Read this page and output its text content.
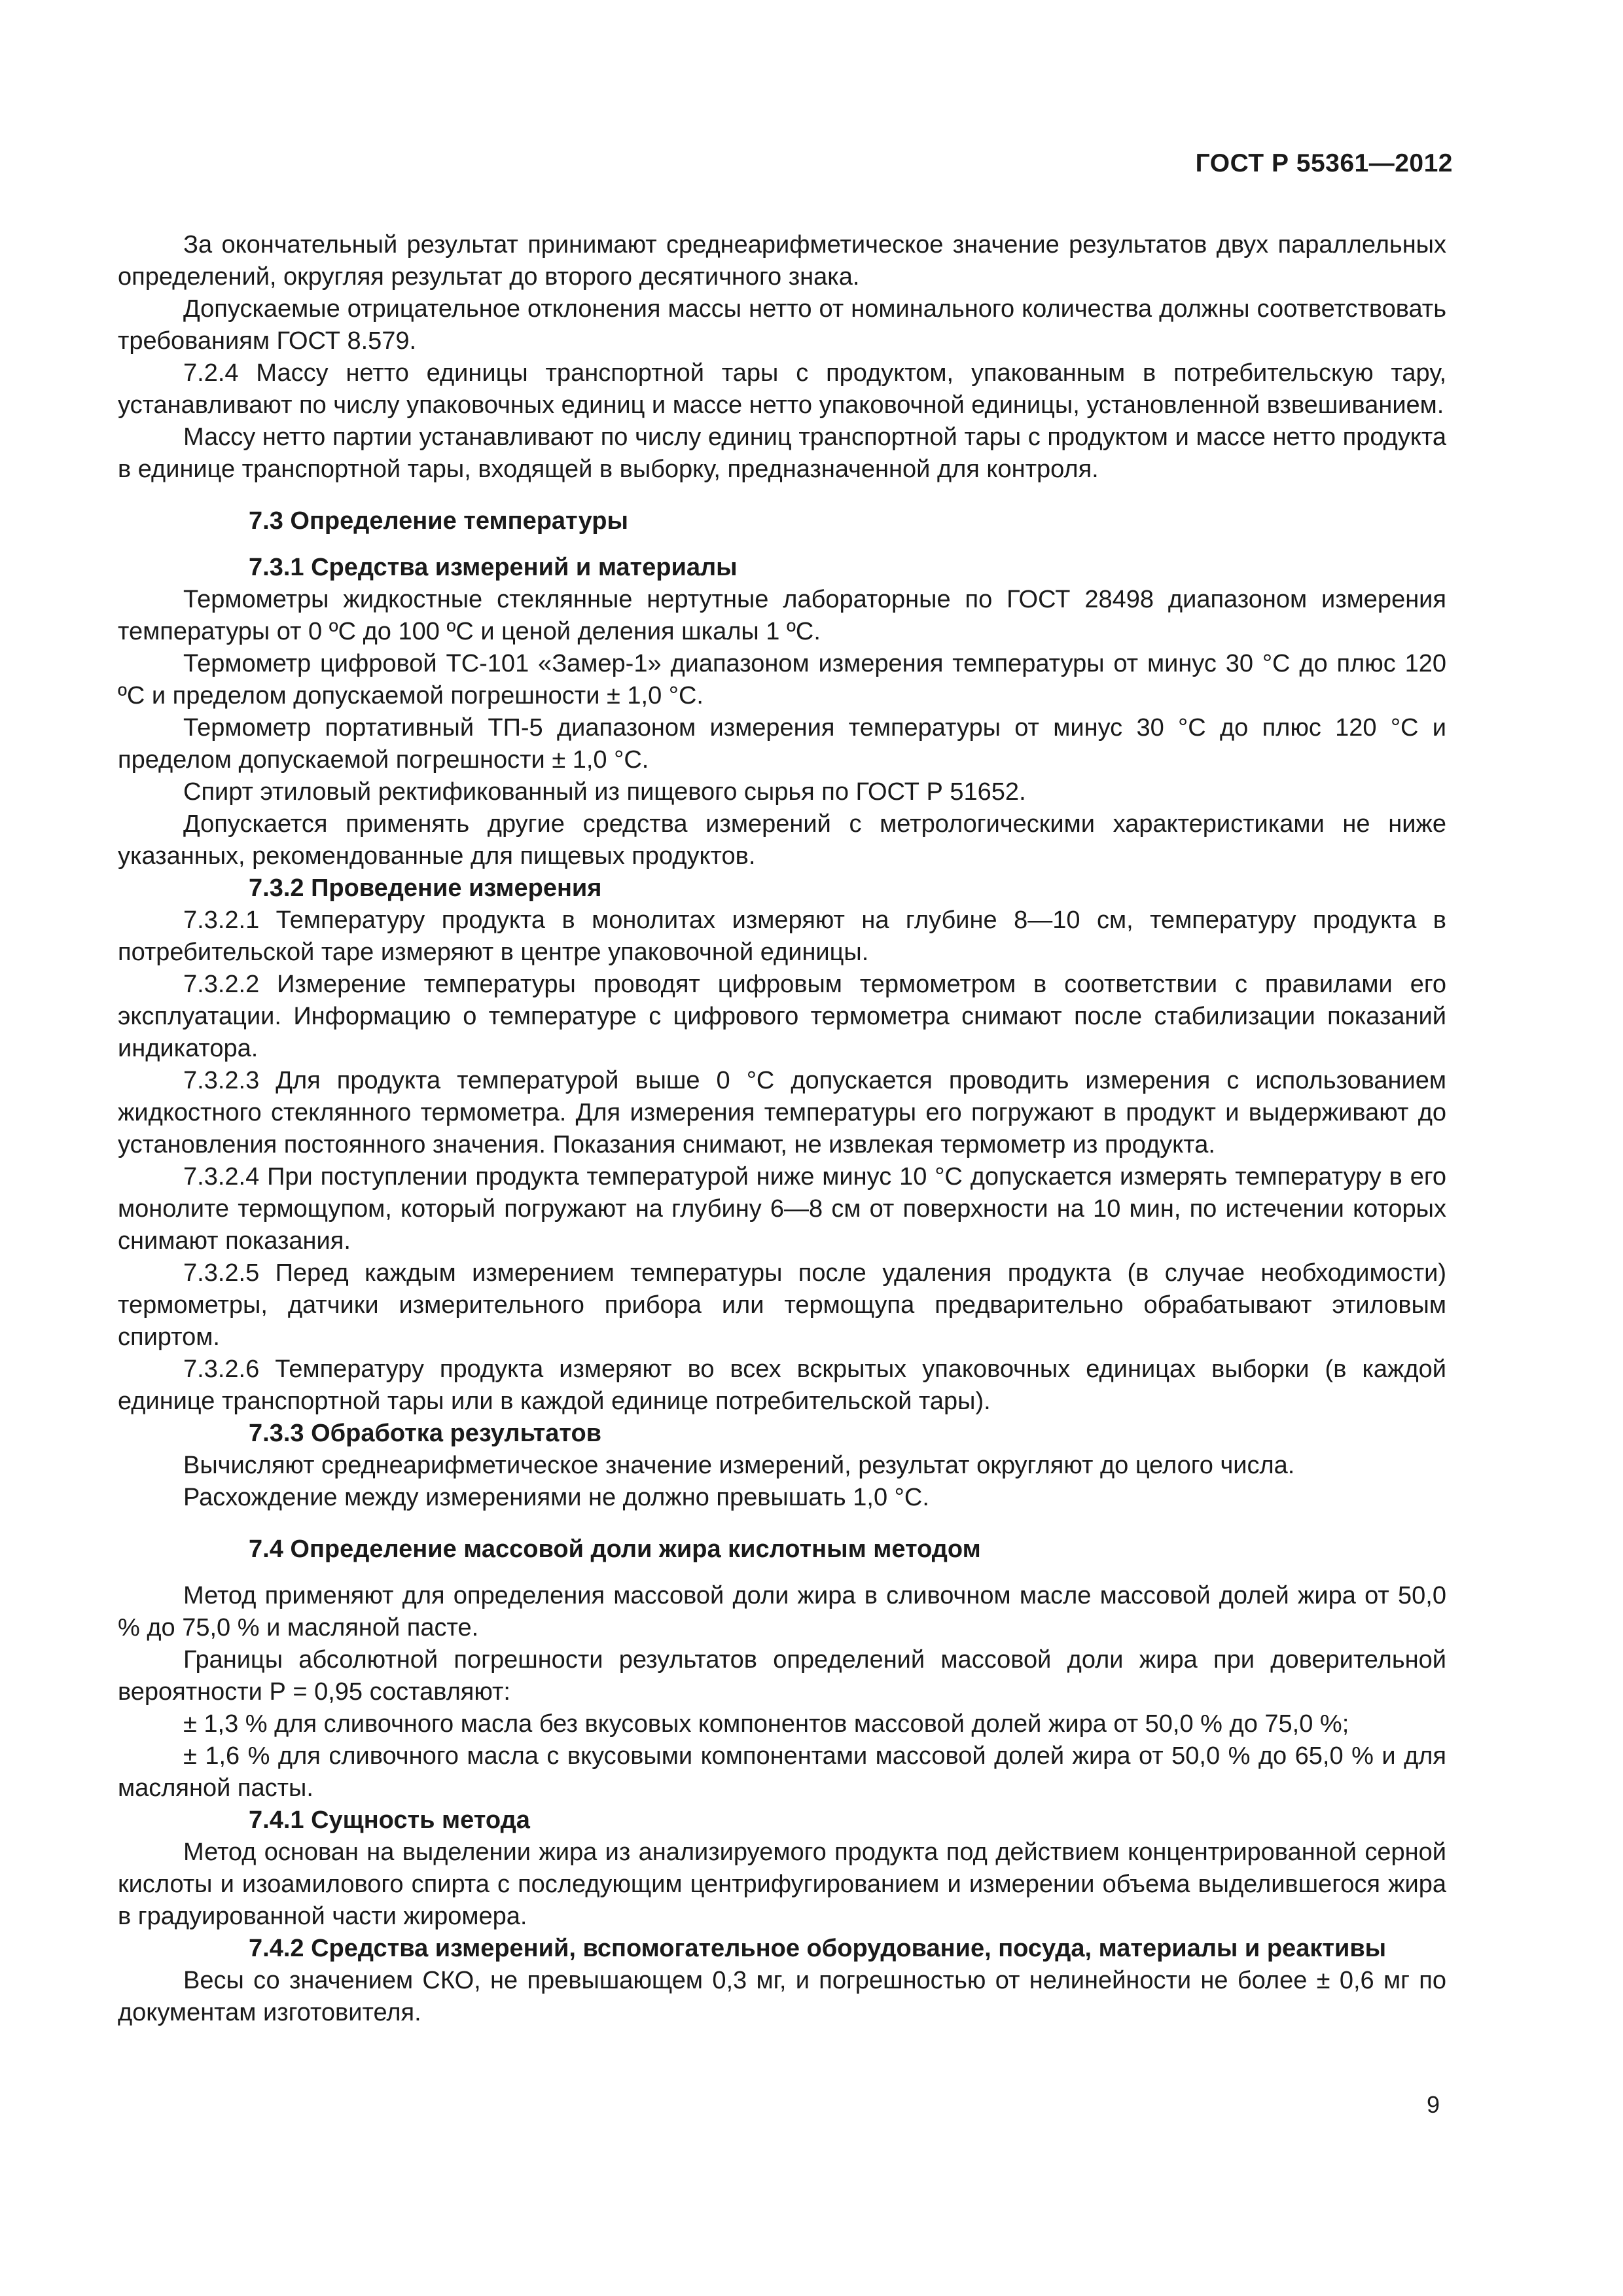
ГОСТ Р 55361—2012

За окончательный результат принимают среднеарифметическое значение результатов двух параллельных определений, округляя результат до второго десятичного знака.

Допускаемые отрицательное отклонения массы нетто от номинального количества должны соответствовать требованиям ГОСТ 8.579.

7.2.4 Массу нетто единицы транспортной тары с продуктом, упакованным в потребительскую тару, устанавливают по числу упаковочных единиц и массе нетто упаковочной единицы, установленной взвешиванием.

Массу нетто партии устанавливают по числу единиц транспортной тары с продуктом и массе нетто продукта в единице транспортной тары, входящей в выборку, предназначенной для контроля.

7.3 Определение температуры

7.3.1 Средства измерений и материалы

Термометры жидкостные стеклянные нертутные лабораторные по ГОСТ 28498 диапазоном измерения температуры от 0 ºС до 100 ºС и ценой деления шкалы 1 ºС.

Термометр цифровой ТС-101 «Замер-1» диапазоном измерения температуры от минус 30 °С до плюс 120 ºС и пределом допускаемой погрешности ± 1,0 °С.

Термометр портативный ТП-5 диапазоном измерения температуры от минус 30 °С до плюс 120 °С и пределом допускаемой погрешности ± 1,0 °С.

Спирт этиловый ректификованный из пищевого сырья по ГОСТ Р 51652.

Допускается применять другие средства измерений с метрологическими характеристиками не ниже указанных, рекомендованные для пищевых продуктов.

7.3.2 Проведение измерения

7.3.2.1 Температуру продукта в монолитах измеряют на глубине 8—10 см, температуру продукта в потребительской таре измеряют в центре упаковочной единицы.

7.3.2.2 Измерение температуры проводят цифровым термометром в соответствии с правилами его эксплуатации. Информацию о температуре с цифрового термометра снимают после стабилизации показаний индикатора.

7.3.2.3 Для продукта температурой выше 0 °С допускается проводить измерения с использованием жидкостного стеклянного термометра. Для измерения температуры его погружают в продукт и выдерживают до установления постоянного значения. Показания снимают, не извлекая термометр из продукта.

7.3.2.4 При поступлении продукта температурой ниже минус 10 °С допускается измерять температуру в его монолите термощупом, который погружают на глубину 6—8 см от поверхности на 10 мин, по истечении которых снимают показания.

7.3.2.5 Перед каждым измерением температуры после удаления продукта (в случае необходимости) термометры, датчики измерительного прибора или термощупа предварительно обрабатывают этиловым спиртом.

7.3.2.6 Температуру продукта измеряют во всех вскрытых упаковочных единицах выборки (в каждой единице транспортной тары или в каждой единице потребительской тары).

7.3.3 Обработка результатов

Вычисляют среднеарифметическое значение измерений, результат округляют до целого числа.

Расхождение между измерениями не должно превышать 1,0 °С.

7.4 Определение массовой доли жира кислотным методом

Метод применяют для определения массовой доли жира в сливочном масле массовой долей жира от 50,0 % до 75,0 % и масляной пасте.

Границы абсолютной погрешности результатов определений массовой доли жира при доверительной вероятности Р = 0,95 составляют:

± 1,3 % для сливочного масла без вкусовых компонентов массовой долей жира от 50,0 % до 75,0 %;

± 1,6 % для сливочного масла с вкусовыми компонентами массовой долей жира от 50,0 % до 65,0 % и для масляной пасты.

7.4.1 Сущность метода

Метод основан на выделении жира из анализируемого продукта под действием концентрированной серной кислоты и изоамилового спирта с последующим центрифугированием и измерении объема выделившегося жира в градуированной части жиромера.

7.4.2 Средства измерений, вспомогательное оборудование, посуда, материалы и реактивы

Весы со значением СКО, не превышающем 0,3 мг, и погрешностью от нелинейности не более ± 0,6 мг по документам изготовителя.

9
